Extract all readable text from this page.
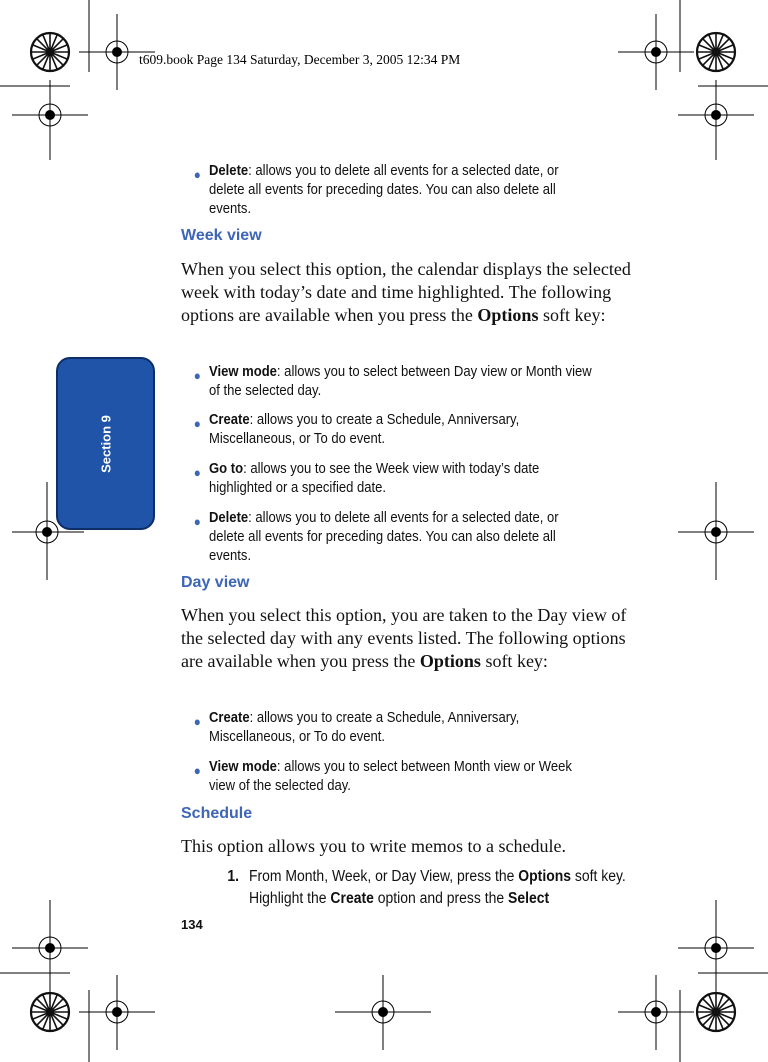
t609.book Page 134 Saturday, December 3, 2005 12:34 PM
Section 9
● Delete: allows you to delete all events for a selected date, or delete all events for preceding dates. You can also delete all events.
Week view
When you select this option, the calendar displays the selected week with today’s date and time highlighted. The following options are available when you press the Options soft key:
● View mode: allows you to select between Day view or Month view of the selected day.
● Create: allows you to create a Schedule, Anniversary, Miscellaneous, or To do event.
● Go to: allows you to see the Week view with today’s date highlighted or a specified date.
● Delete: allows you to delete all events for a selected date, or delete all events for preceding dates. You can also delete all events.
Day view
When you select this option, you are taken to the Day view of the selected day with any events listed. The following options are available when you press the Options soft key:
● Create: allows you to create a Schedule, Anniversary, Miscellaneous, or To do event.
● View mode: allows you to select between Month view or Week view of the selected day.
Schedule
This option allows you to write memos to a schedule.
1. From Month, Week, or Day View, press the Options soft key. Highlight the Create option and press the Select
134
